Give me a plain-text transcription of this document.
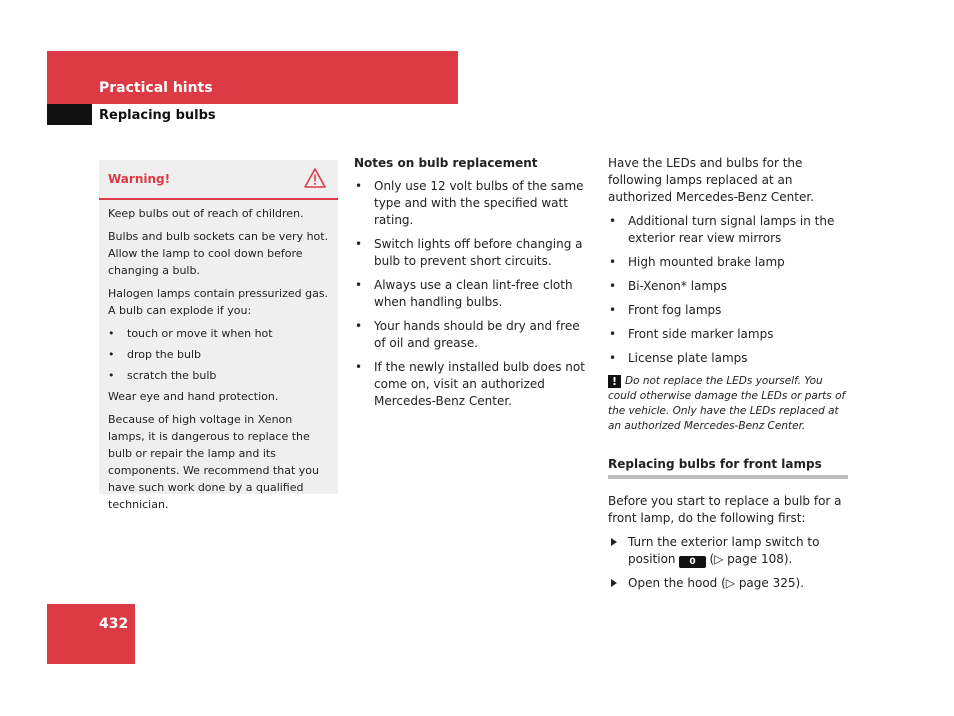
Practical hints
Replacing bulbs
Warning!

Keep bulbs out of reach of children.

Bulbs and bulb sockets can be very hot. Allow the lamp to cool down before changing a bulb.

Halogen lamps contain pressurized gas. A bulb can explode if you:

• touch or move it when hot
• drop the bulb
• scratch the bulb

Wear eye and hand protection.

Because of high voltage in Xenon lamps, it is dangerous to replace the bulb or repair the lamp and its components. We recommend that you have such work done by a qualified technician.

Notes on bulb replacement
• Only use 12 volt bulbs of the same type and with the specified watt rating.
• Switch lights off before changing a bulb to prevent short circuits.
• Always use a clean lint-free cloth when handling bulbs.
• Your hands should be dry and free of oil and grease.
• If the newly installed bulb does not come on, visit an authorized Mercedes-Benz Center.
Have the LEDs and bulbs for the following lamps replaced at an authorized Mercedes-Benz Center.
• Additional turn signal lamps in the exterior rear view mirrors
• High mounted brake lamp
• Bi-Xenon* lamps
• Front fog lamps
• Front side marker lamps
• License plate lamps
! Do not replace the LEDs yourself. You could otherwise damage the LEDs or parts of the vehicle. Only have the LEDs replaced at an authorized Mercedes-Benz Center.
Replacing bulbs for front lamps
Before you start to replace a bulb for a front lamp, do the following first:
Turn the exterior lamp switch to position 0 (▷ page 108).
Open the hood (▷ page 325).
432
